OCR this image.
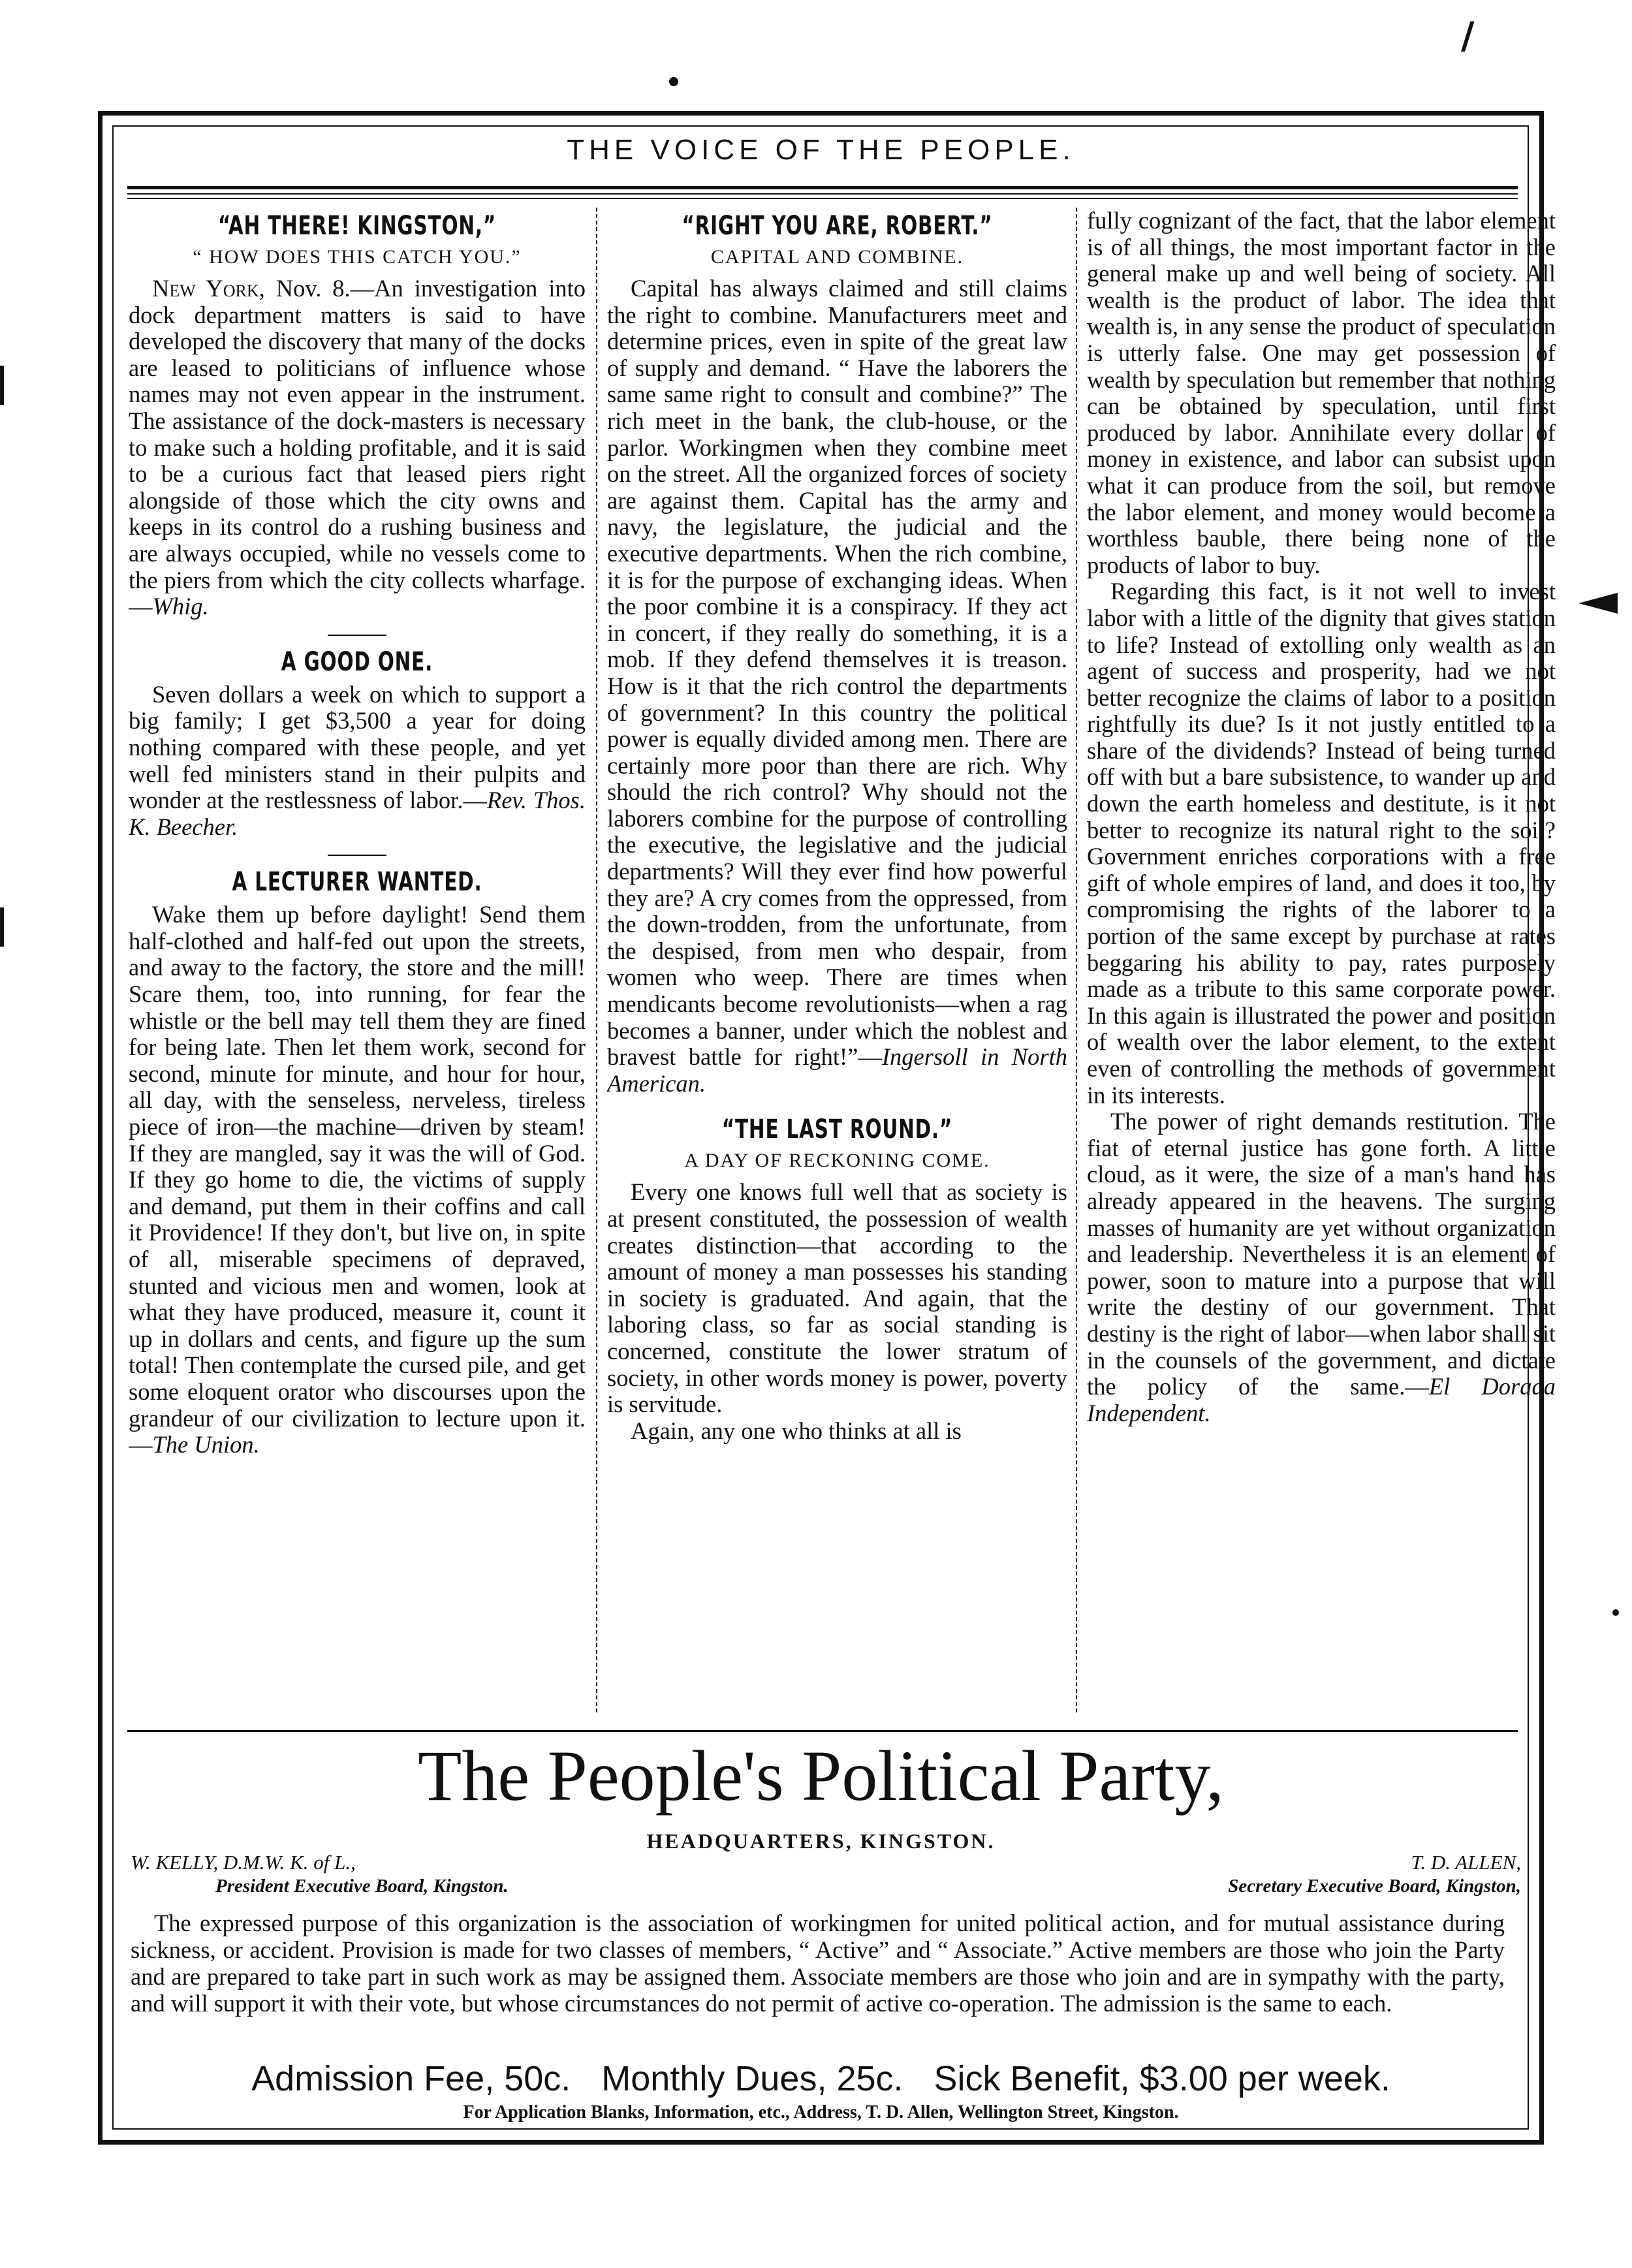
/
THE VOICE OF THE PEOPLE.
“AH THERE! KINGSTON,”
“ HOW DOES THIS CATCH YOU.”

New York, Nov. 8.—An investigation into dock department matters is said to have developed the discovery that many of the docks are leased to politicians of influence whose names may not even appear in the instrument. The assistance of the dock-masters is necessary to make such a holding profitable, and it is said to be a curious fact that leased piers right alongside of those which the city owns and keeps in its control do a rushing business and are always occupied, while no vessels come to the piers from which the city collects wharfage.—Whig.

A GOOD ONE.

Seven dollars a week on which to support a big family; I get $3,500 a year for doing nothing compared with these people, and yet well fed ministers stand in their pulpits and wonder at the restlessness of labor.—Rev. Thos. K. Beecher.

A LECTURER WANTED.

Wake them up before daylight! Send them half-clothed and half-fed out upon the streets, and away to the factory, the store and the mill! Scare them, too, into running, for fear the whistle or the bell may tell them they are fined for being late. Then let them work, second for second, minute for minute, and hour for hour, all day, with the senseless, nerveless, tireless piece of iron—the machine—driven by steam! If they are mangled, say it was the will of God. If they go home to die, the victims of supply and demand, put them in their coffins and call it Providence! If they don't, but live on, in spite of all, miserable specimens of depraved, stunted and vicious men and women, look at what they have produced, measure it, count it up in dollars and cents, and figure up the sum total! Then contemplate the cursed pile, and get some eloquent orator who discourses upon the grandeur of our civilization to lecture upon it.—The Union.

“RIGHT YOU ARE, ROBERT.”
CAPITAL AND COMBINE.

Capital has always claimed and still claims the right to combine. Manufacturers meet and determine prices, even in spite of the great law of supply and demand. “ Have the laborers the same same right to consult and combine?” The rich meet in the bank, the club-house, or the parlor. Workingmen when they combine meet on the street. All the organized forces of society are against them. Capital has the army and navy, the legislature, the judicial and the executive departments. When the rich combine, it is for the purpose of exchanging ideas. When the poor combine it is a conspiracy. If they act in concert, if they really do something, it is a mob. If they defend themselves it is treason. How is it that the rich control the departments of government? In this country the political power is equally divided among men. There are certainly more poor than there are rich. Why should the rich control? Why should not the laborers combine for the purpose of controlling the executive, the legislative and the judicial departments? Will they ever find how powerful they are? A cry comes from the oppressed, from the down-trodden, from the unfortunate, from the despised, from men who despair, from women who weep. There are times when mendicants become revolutionists—when a rag becomes a banner, under which the noblest and bravest battle for right!”—Ingersoll in North American.

“THE LAST ROUND.”
A DAY OF RECKONING COME.

Every one knows full well that as society is at present constituted, the possession of wealth creates distinction—that according to the amount of money a man possesses his standing in society is graduated. And again, that the laboring class, so far as social standing is concerned, constitute the lower stratum of society, in other words money is power, poverty is servitude.

Again, any one who thinks at all is

fully cognizant of the fact, that the labor element is of all things, the most important factor in the general make up and well being of society. All wealth is the product of labor. The idea that wealth is, in any sense the product of speculation is utterly false. One may get possession of wealth by speculation but remember that nothing can be obtained by speculation, until first produced by labor. Annihilate every dollar of money in existence, and labor can subsist upon what it can produce from the soil, but remove the labor element, and money would become a worthless bauble, there being none of the products of labor to buy.

Regarding this fact, is it not well to invest labor with a little of the dignity that gives station to life? Instead of extolling only wealth as an agent of success and prosperity, had we not better recognize the claims of labor to a position rightfully its due? Is it not justly entitled to a share of the dividends? Instead of being turned off with but a bare subsistence, to wander up and down the earth homeless and destitute, is it not better to recognize its natural right to the soil? Government enriches corporations with a free gift of whole empires of land, and does it too, by compromising the rights of the laborer to a portion of the same except by purchase at rates beggaring his ability to pay, rates purposely made as a tribute to this same corporate power. In this again is illustrated the power and position of wealth over the labor element, to the extent even of controlling the methods of government in its interests.

The power of right demands restitution. The fiat of eternal justice has gone forth. A little cloud, as it were, the size of a man's hand has already appeared in the heavens. The surging masses of humanity are yet without organization and leadership. Nevertheless it is an element of power, soon to mature into a purpose that will write the destiny of our government. That destiny is the right of labor—when labor shall sit in the counsels of the government, and dictate the policy of the same.—El Dorada Independent.

The People's Political Party,
HEADQUARTERS, KINGSTON.
W. KELLY, D.M.W. K. of L.,
President Executive Board, Kingston.
T. D. ALLEN,
Secretary Executive Board, Kingston,

The expressed purpose of this organization is the association of workingmen for united political action, and for mutual assistance during sickness, or accident. Provision is made for two classes of members, “ Active” and “ Associate.” Active members are those who join the Party and are prepared to take part in such work as may be assigned them. Associate members are those who join and are in sympathy with the party, and will support it with their vote, but whose circumstances do not permit of active co-operation. The admission is the same to each.

Admission Fee, 50c. Monthly Dues, 25c. Sick Benefit, $3.00 per week.
For Application Blanks, Information, etc., Address, T. D. Allen, Wellington Street, Kingston.
